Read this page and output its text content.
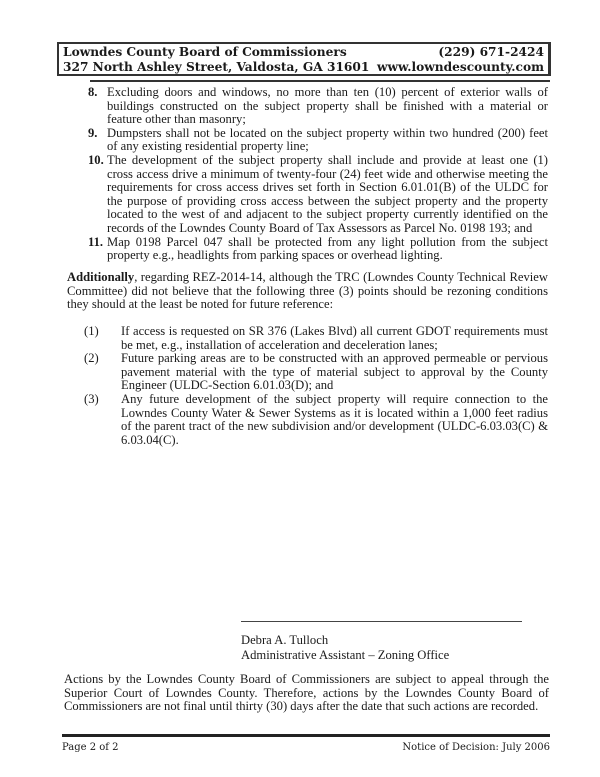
Lowndes County Board of Commissioners	(229) 671-2424
327 North Ashley Street, Valdosta, GA 31601 www.lowndescounty.com
8. Excluding doors and windows, no more than ten (10) percent of exterior walls of buildings constructed on the subject property shall be finished with a material or feature other than masonry;
9. Dumpsters shall not be located on the subject property within two hundred (200) feet of any existing residential property line;
10. The development of the subject property shall include and provide at least one (1) cross access drive a minimum of twenty-four (24) feet wide and otherwise meeting the requirements for cross access drives set forth in Section 6.01.01(B) of the ULDC for the purpose of providing cross access between the subject property and the property located to the west of and adjacent to the subject property currently identified on the records of the Lowndes County Board of Tax Assessors as Parcel No. 0198 193; and
11. Map 0198 Parcel 047 shall be protected from any light pollution from the subject property e.g., headlights from parking spaces or overhead lighting.
Additionally, regarding REZ-2014-14, although the TRC (Lowndes County Technical Review Committee) did not believe that the following three (3) points should be rezoning conditions they should at the least be noted for future reference:
(1)	If access is requested on SR 376 (Lakes Blvd) all current GDOT requirements must be met, e.g., installation of acceleration and deceleration lanes;
(2)	Future parking areas are to be constructed with an approved permeable or pervious pavement material with the type of material subject to approval by the County Engineer (ULDC-Section 6.01.03(D); and
(3)	Any future development of the subject property will require connection to the Lowndes County Water & Sewer Systems as it is located within a 1,000 feet radius of the parent tract of the new subdivision and/or development (ULDC-6.03.03(C) & 6.03.04(C).
Debra A. Tulloch
Administrative Assistant – Zoning Office
Actions by the Lowndes County Board of Commissioners are subject to appeal through the Superior Court of Lowndes County. Therefore, actions by the Lowndes County Board of Commissioners are not final until thirty (30) days after the date that such actions are recorded.
Page 2 of 2	Notice of Decision: July 2006
